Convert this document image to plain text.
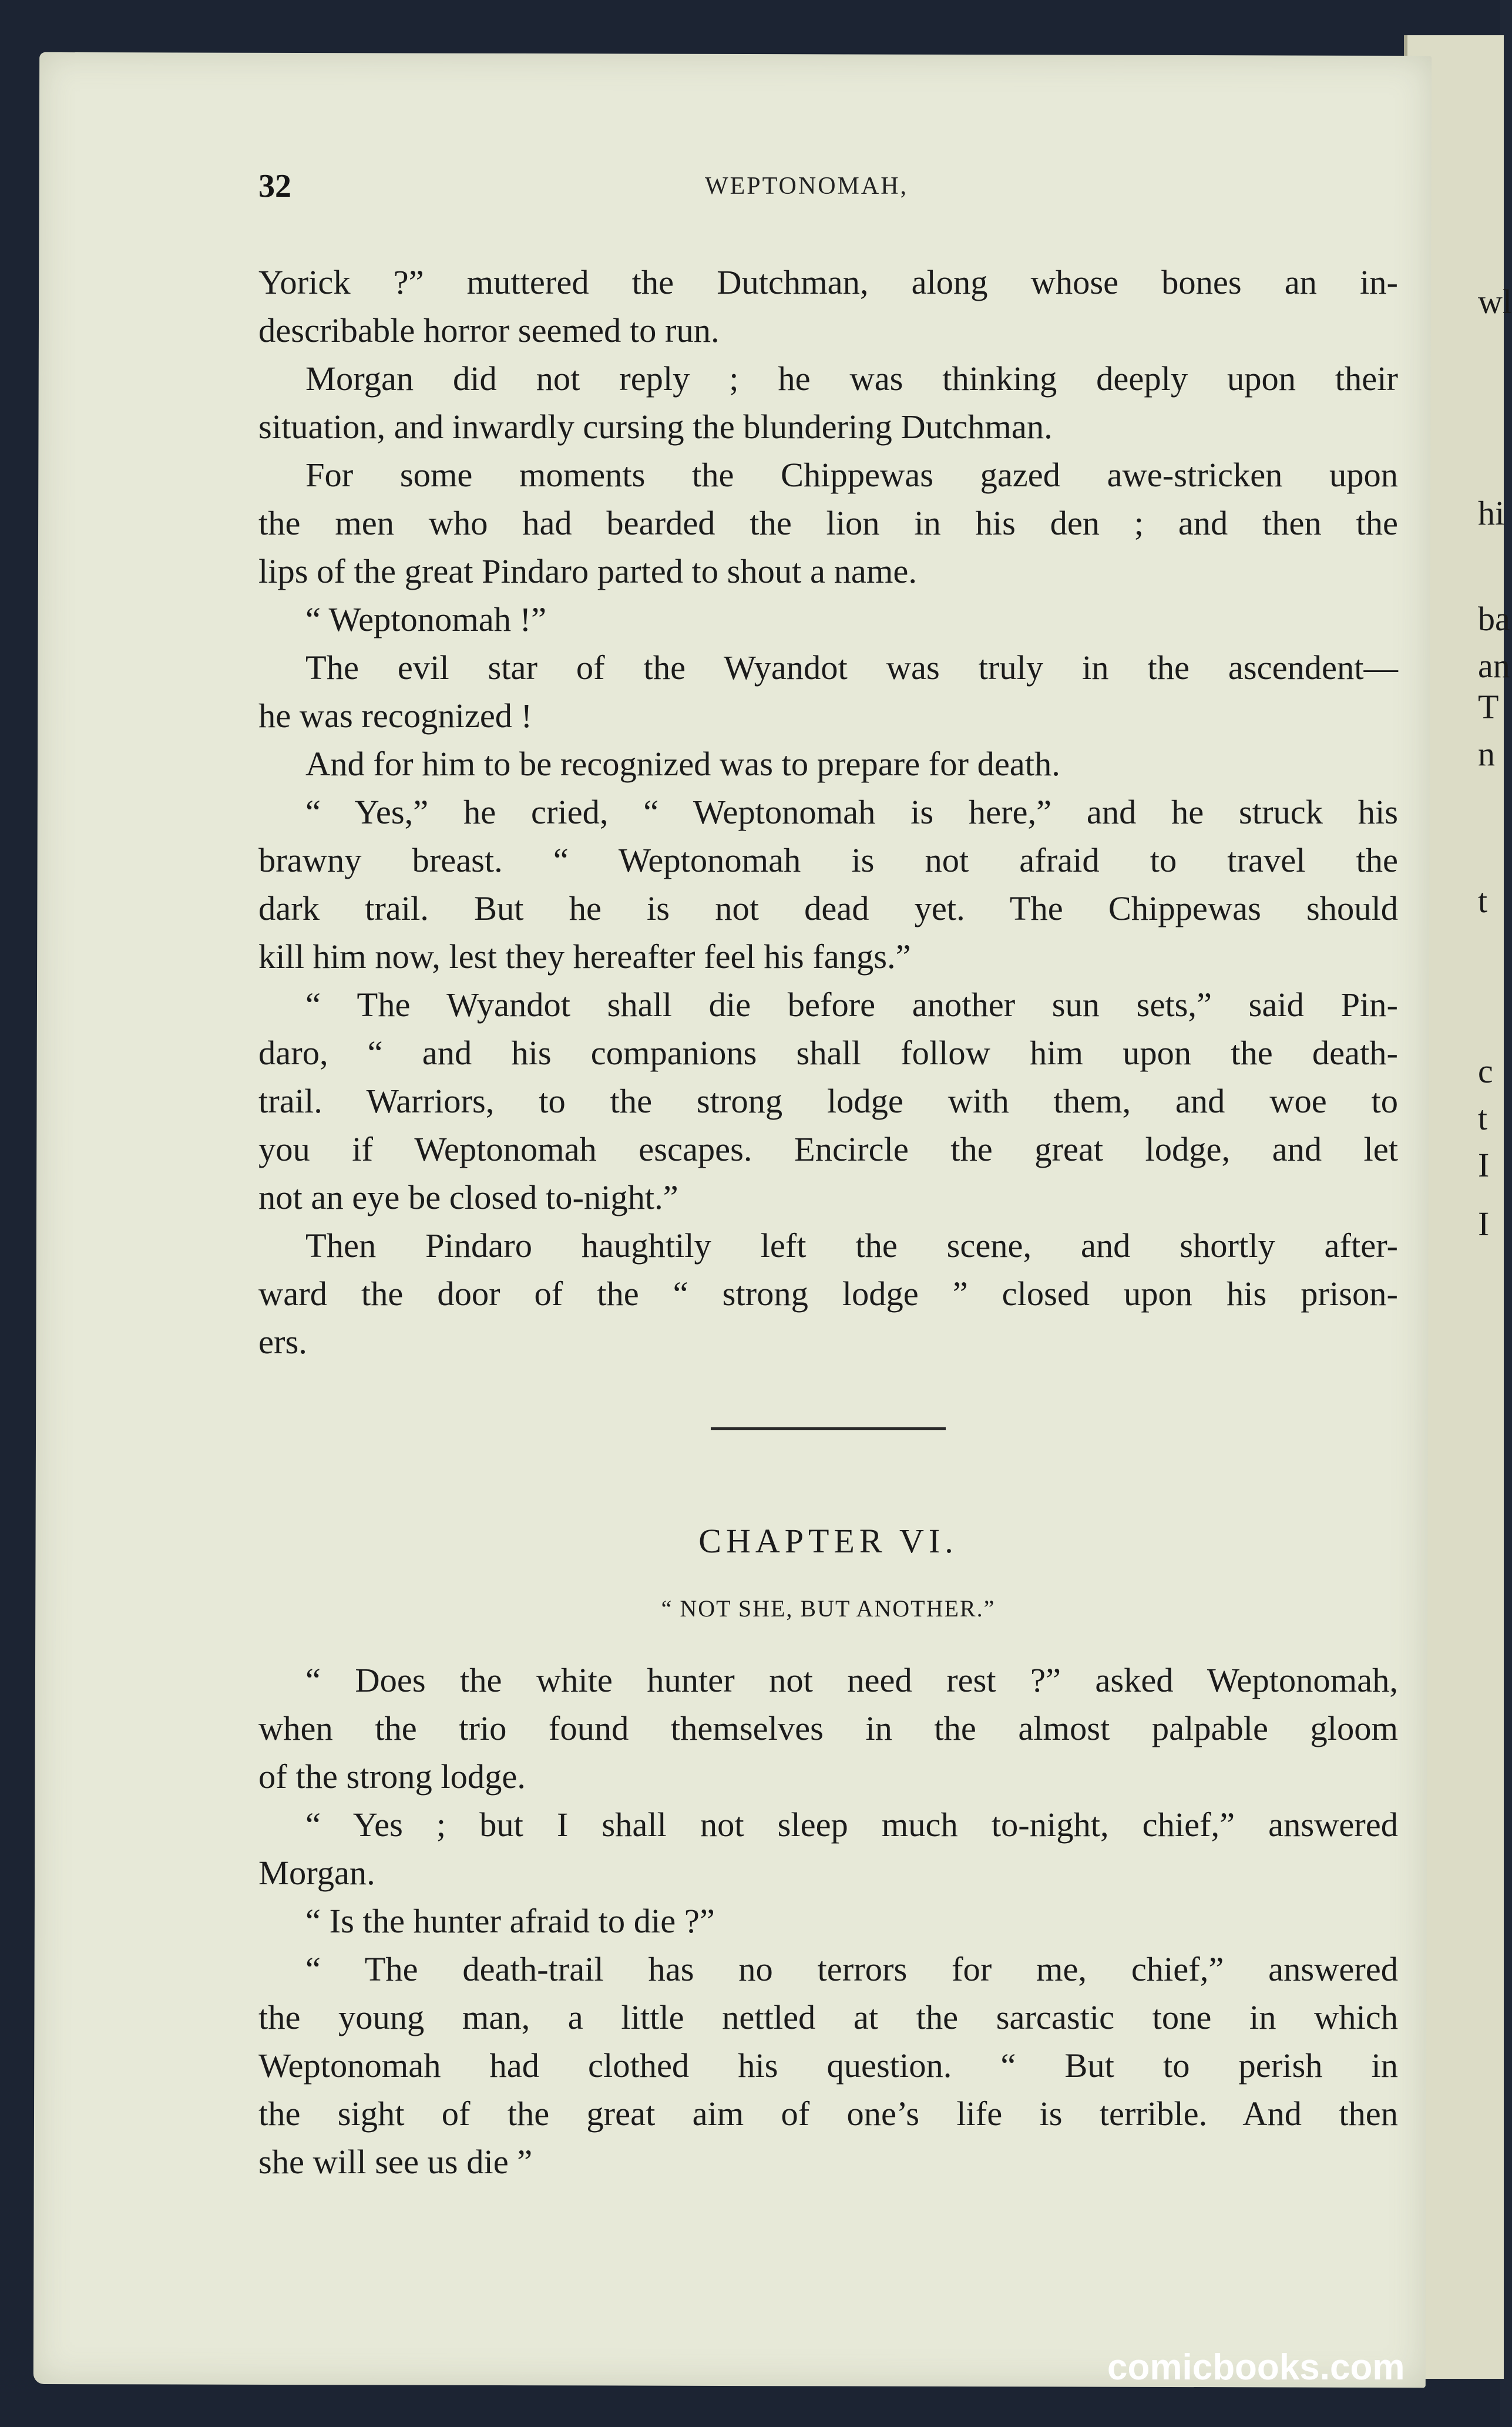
wl
hi
ba
an
T
n
t
c
t
I
I
32	WEPTONOMAH,
Yorick ?” muttered the Dutchman, along whose bones an in-
describable horror seemed to run.
Morgan did not reply ; he was thinking deeply upon their
situation, and inwardly cursing the blundering Dutchman.
For some moments the Chippewas gazed awe-stricken upon
the men who had bearded the lion in his den ; and then the
lips of the great Pindaro parted to shout a name.
“ Weptonomah !”
The evil star of the Wyandot was truly in the ascendent—
he was recognized !
And for him to be recognized was to prepare for death.
“ Yes,” he cried, “ Weptonomah is here,” and he struck his
brawny breast. “ Weptonomah is not afraid to travel the
dark trail. But he is not dead yet. The Chippewas should
kill him now, lest they hereafter feel his fangs.”
“ The Wyandot shall die before another sun sets,” said Pin-
daro, “ and his companions shall follow him upon the death-
trail. Warriors, to the strong lodge with them, and woe to
you if Weptonomah escapes. Encircle the great lodge, and let
not an eye be closed to-night.”
Then Pindaro haughtily left the scene, and shortly after-
ward the door of the “ strong lodge ” closed upon his prison-
ers.
CHAPTER VI.
“ NOT SHE, BUT ANOTHER.”
“ Does the white hunter not need rest ?” asked Weptonomah,
when the trio found themselves in the almost palpable gloom
of the strong lodge.
“ Yes ; but I shall not sleep much to-night, chief,” answered
Morgan.
“ Is the hunter afraid to die ?”
“ The death-trail has no terrors for me, chief,” answered
the young man, a little nettled at the sarcastic tone in which
Weptonomah had clothed his question. “ But to perish in
the sight of the great aim of one’s life is terrible. And then
she will see us die ”
comicbooks.com
